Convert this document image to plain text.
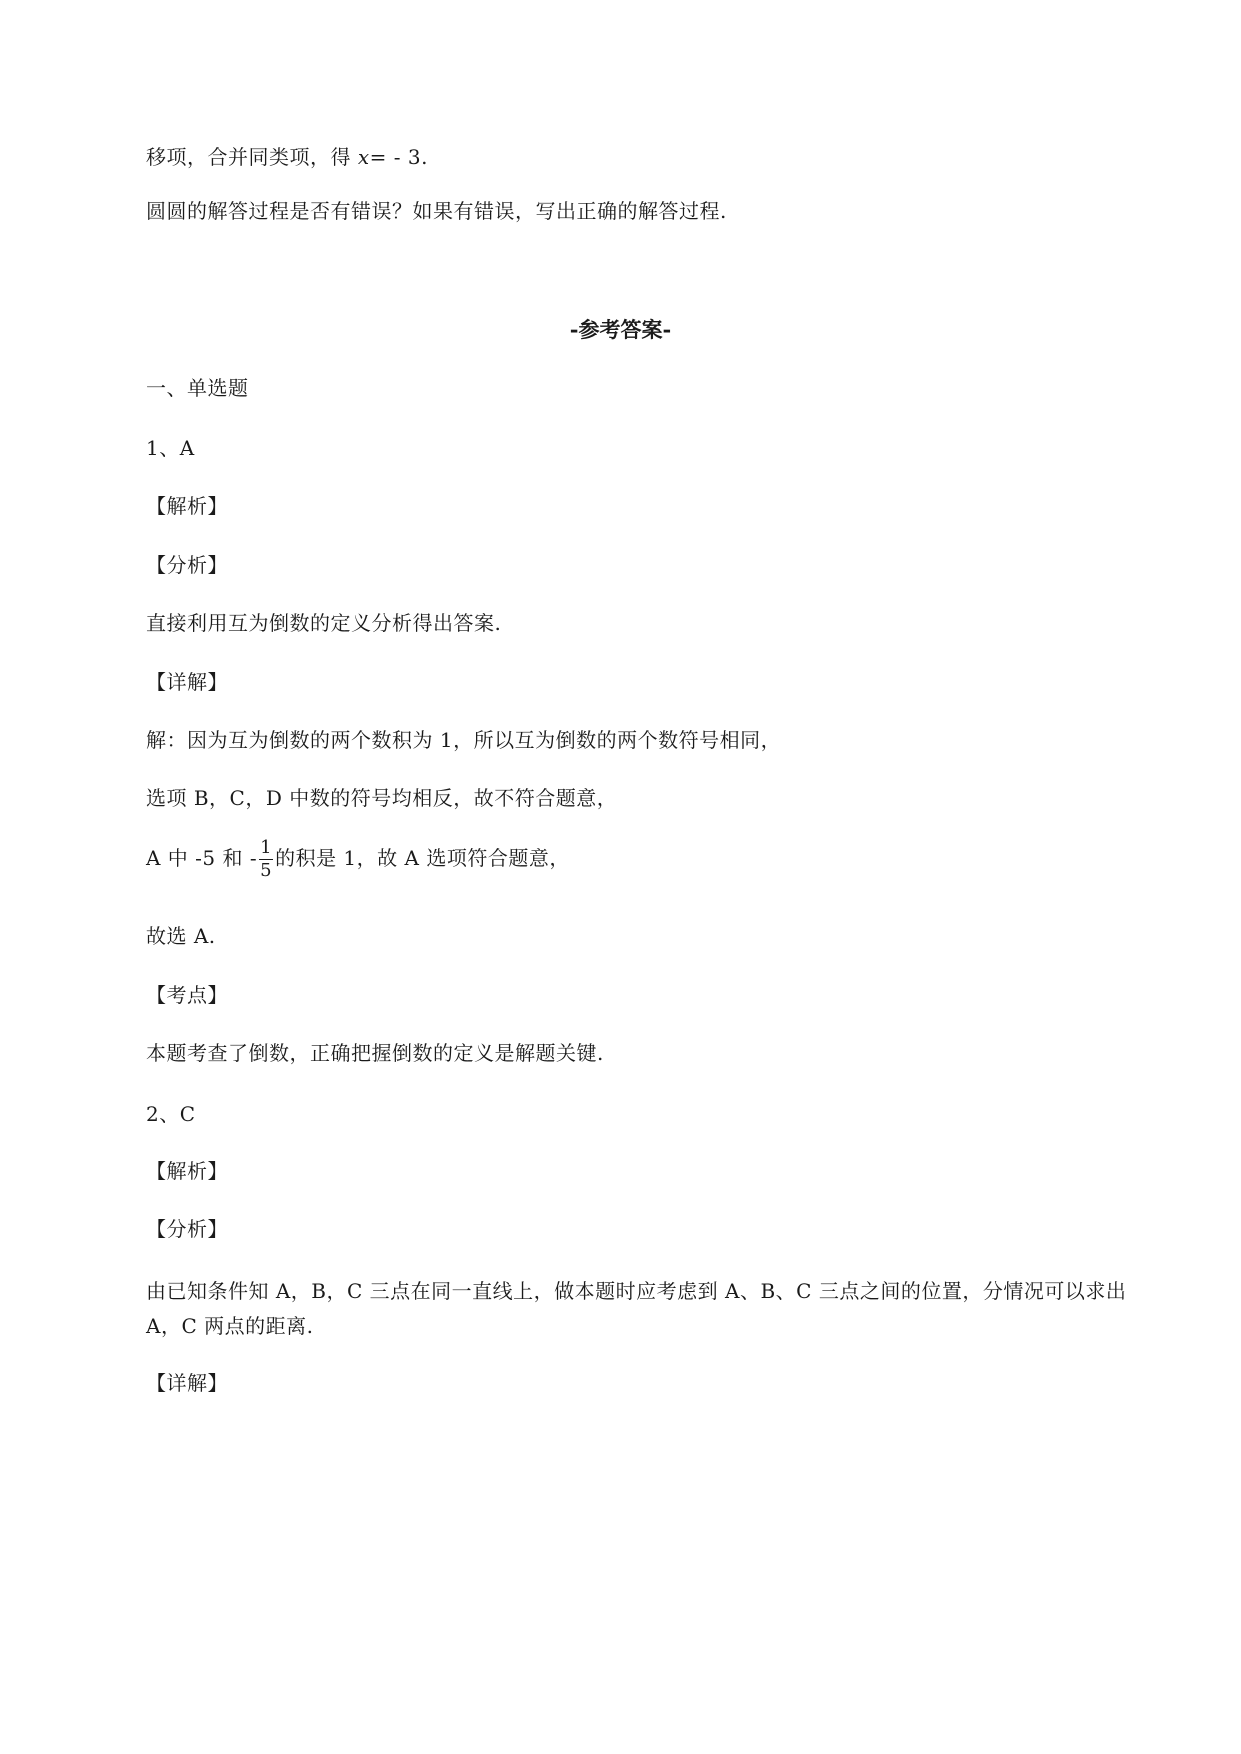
移项，合并同类项，得 x= - 3.
圆圆的解答过程是否有错误？如果有错误，写出正确的解答过程.
-参考答案-
一、单选题
1、A
【解析】
【分析】
直接利用互为倒数的定义分析得出答案.
【详解】
解：因为互为倒数的两个数积为 1，所以互为倒数的两个数符号相同，
选项 B，C，D 中数的符号均相反，故不符合题意，
A 中 -5 和 - $\frac{1}{5}$ 的积是 1，故 A 选项符合题意，
故选 A.
【考点】
本题考查了倒数，正确把握倒数的定义是解题关键.
2、C
【解析】
【分析】
由已知条件知 A，B，C 三点在同一直线上，做本题时应考虑到 A、B、C 三点之间的位置，分情况可以求出 A，C 两点的距离.
【详解】
